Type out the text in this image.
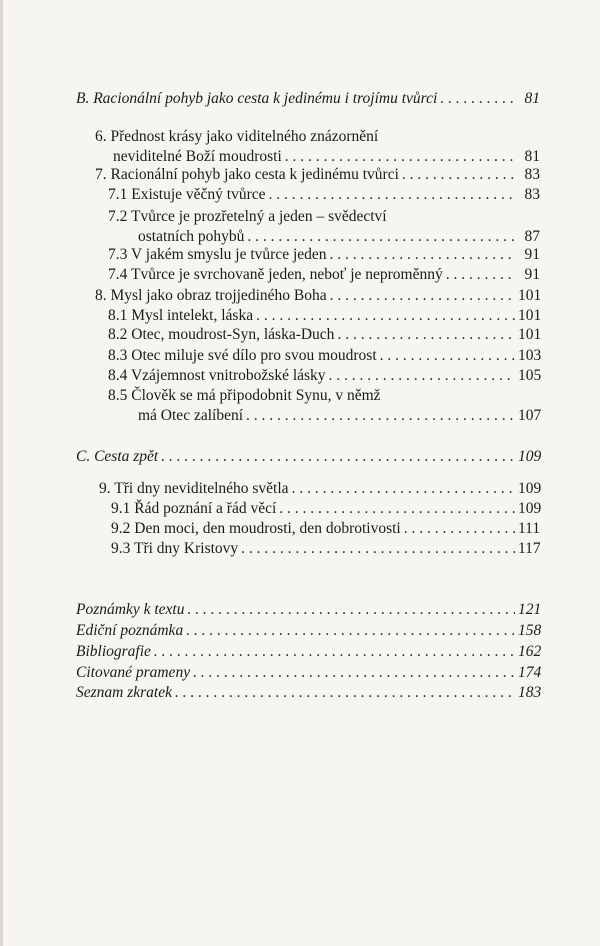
B. Racionální pohyb jako cesta k jedinému i trojímu tvůrci . . .	81
6. Přednost krásy jako viditelného znázornění
neviditelné Boží moudrosti . . .	81
7. Racionální pohyb jako cesta k jedinému tvůrci . . .	83
7.1 Existuje věčný tvůrce . . .	83
7.2 Tvůrce je prozřetelný a jeden – svědectví
ostatních pohybů . . .	87
7.3 V jakém smyslu je tvůrce jeden . . .	91
7.4 Tvůrce je svrchovaně jeden, neboť je neproměnný . . .	91
8. Mysl jako obraz trojjediného Boha . . .	101
8.1 Mysl intelekt, láska . . .	101
8.2 Otec, moudrost-Syn, láska-Duch . . .	101
8.3 Otec miluje své dílo pro svou moudrost . . .	103
8.4 Vzájemnost vnitrobožské lásky . . .	105
8.5 Člověk se má připodobnit Synu, v němž
má Otec zalíbení . . .	107
C. Cesta zpět . . .	109
9. Tři dny neviditelného světla . . .	109
9.1 Řád poznání a řád věcí . . .	109
9.2 Den moci, den moudrosti, den dobrotivosti . . .	111
9.3 Tři dny Kristovy . . .	117
Poznámky k textu . . .	121
Ediční poznámka . . .	158
Bibliografie . . .	162
Citované prameny . . .	174
Seznam zkratek . . .	183
